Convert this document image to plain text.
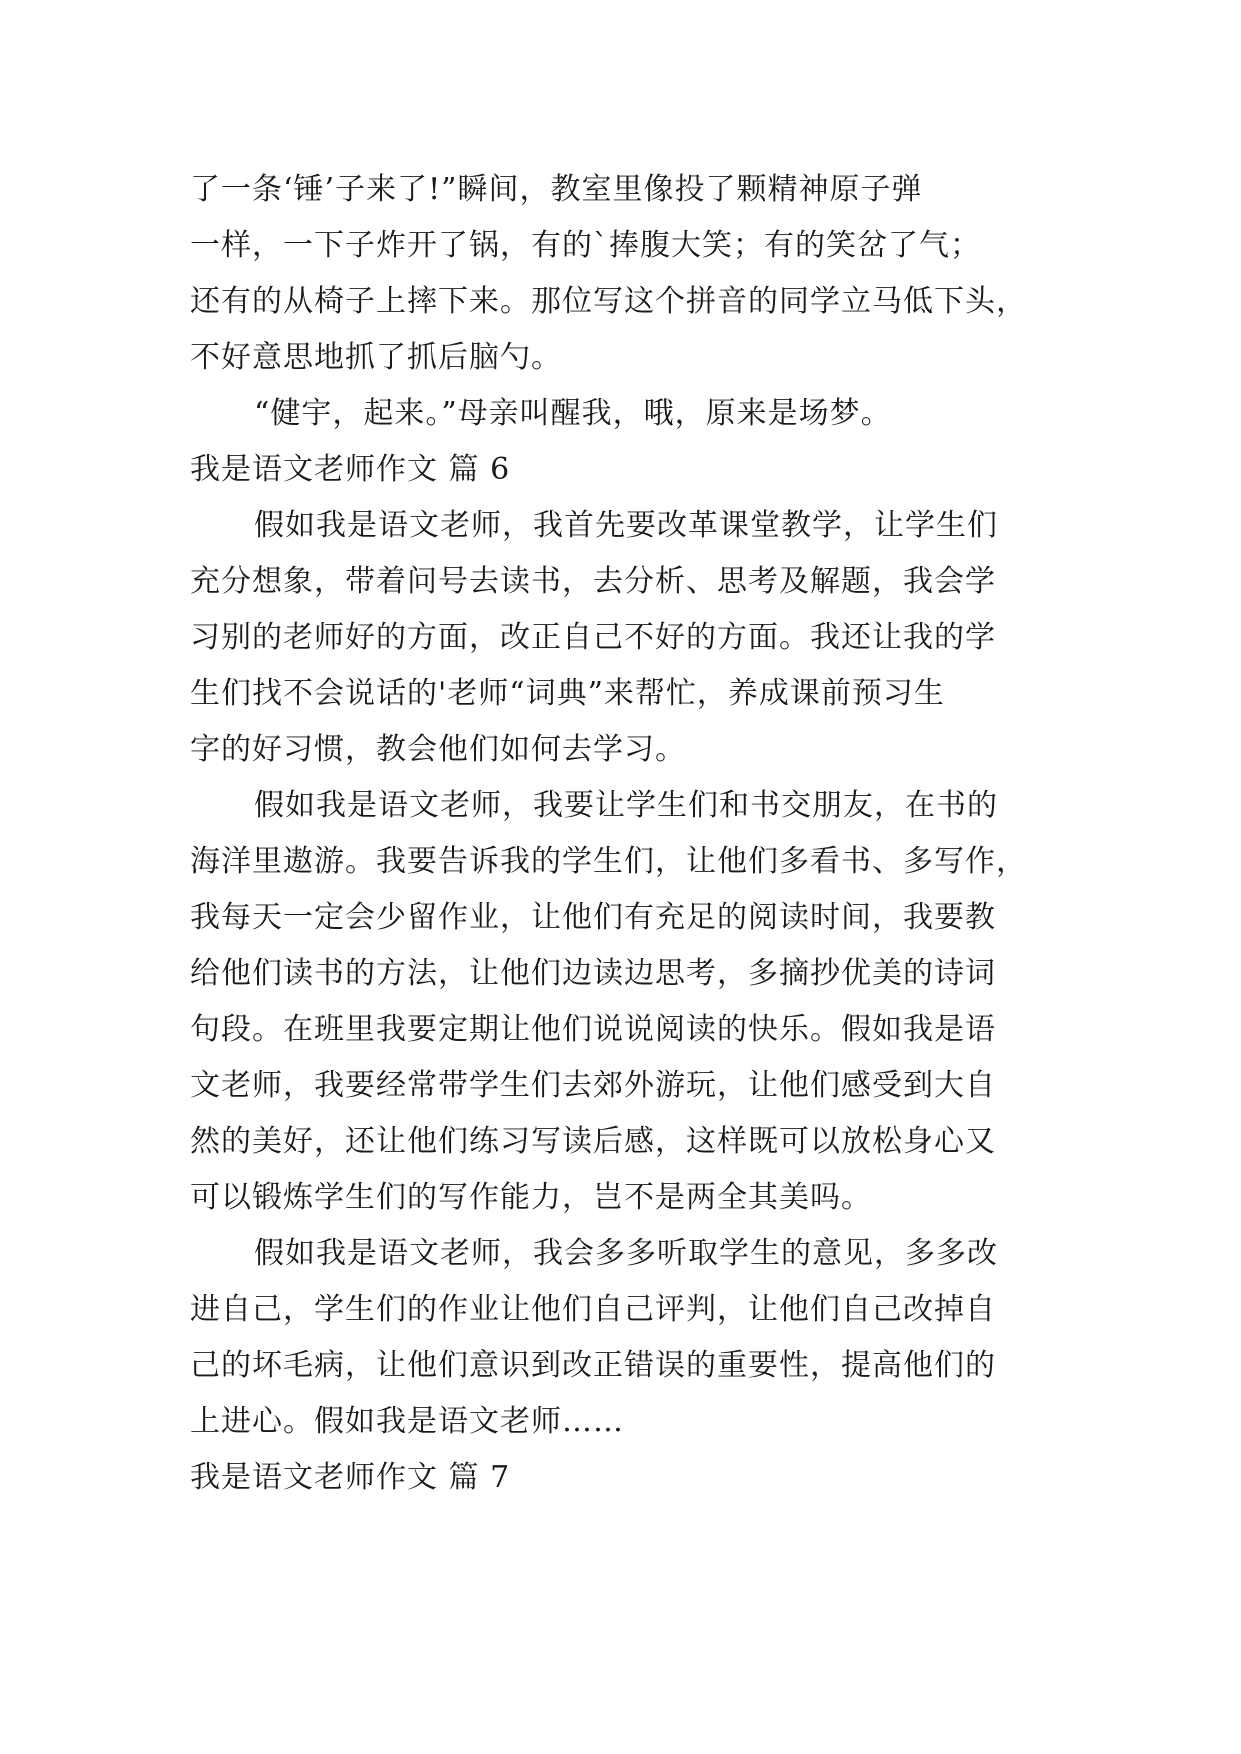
了一条‘锤’子来了!”瞬间，教室里像投了颗精神原子弹
一样，一下子炸开了锅，有的`捧腹大笑；有的笑岔了气；
还有的从椅子上摔下来。那位写这个拼音的同学立马低下头，
不好意思地抓了抓后脑勺。
“健宇，起来。”母亲叫醒我，哦，原来是场梦。
我是语文老师作文 篇 6
假如我是语文老师，我首先要改革课堂教学，让学生们
充分想象，带着问号去读书，去分析、思考及解题，我会学
习别的老师好的方面，改正自己不好的方面。我还让我的学
生们找不会说话的'老师“词典”来帮忙，养成课前预习生
字的好习惯，教会他们如何去学习。
假如我是语文老师，我要让学生们和书交朋友，在书的
海洋里遨游。我要告诉我的学生们，让他们多看书、多写作，
我每天一定会少留作业，让他们有充足的阅读时间，我要教
给他们读书的方法，让他们边读边思考，多摘抄优美的诗词
句段。在班里我要定期让他们说说阅读的快乐。假如我是语
文老师，我要经常带学生们去郊外游玩，让他们感受到大自
然的美好，还让他们练习写读后感，这样既可以放松身心又
可以锻炼学生们的写作能力，岂不是两全其美吗。
假如我是语文老师，我会多多听取学生的意见，多多改
进自己，学生们的作业让他们自己评判，让他们自己改掉自
己的坏毛病，让他们意识到改正错误的重要性，提高他们的
上进心。假如我是语文老师……
我是语文老师作文 篇 7
